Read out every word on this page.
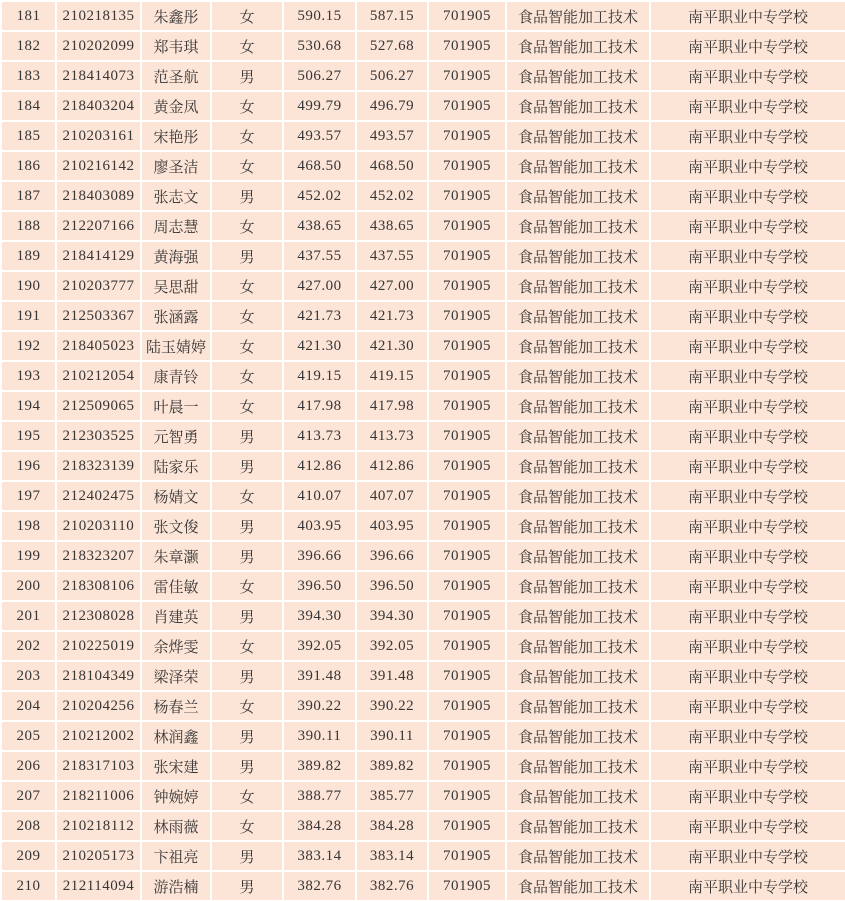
181	210218135	朱鑫彤	女	590.15	587.15	701905	食品智能加工技术	南平职业中专学校
182	210202099	郑韦琪	女	530.68	527.68	701905	食品智能加工技术	南平职业中专学校
183	218414073	范圣航	男	506.27	506.27	701905	食品智能加工技术	南平职业中专学校
184	218403204	黄金凤	女	499.79	496.79	701905	食品智能加工技术	南平职业中专学校
185	210203161	宋艳彤	女	493.57	493.57	701905	食品智能加工技术	南平职业中专学校
186	210216142	廖圣洁	女	468.50	468.50	701905	食品智能加工技术	南平职业中专学校
187	218403089	张志文	男	452.02	452.02	701905	食品智能加工技术	南平职业中专学校
188	212207166	周志慧	女	438.65	438.65	701905	食品智能加工技术	南平职业中专学校
189	218414129	黄海强	男	437.55	437.55	701905	食品智能加工技术	南平职业中专学校
190	210203777	吴思甜	女	427.00	427.00	701905	食品智能加工技术	南平职业中专学校
191	212503367	张涵露	女	421.73	421.73	701905	食品智能加工技术	南平职业中专学校
192	218405023	陆玉婧婷	女	421.30	421.30	701905	食品智能加工技术	南平职业中专学校
193	210212054	康青铃	女	419.15	419.15	701905	食品智能加工技术	南平职业中专学校
194	212509065	叶晨一	女	417.98	417.98	701905	食品智能加工技术	南平职业中专学校
195	212303525	元智勇	男	413.73	413.73	701905	食品智能加工技术	南平职业中专学校
196	218323139	陆家乐	男	412.86	412.86	701905	食品智能加工技术	南平职业中专学校
197	212402475	杨婧文	女	410.07	407.07	701905	食品智能加工技术	南平职业中专学校
198	210203110	张文俊	男	403.95	403.95	701905	食品智能加工技术	南平职业中专学校
199	218323207	朱章灏	男	396.66	396.66	701905	食品智能加工技术	南平职业中专学校
200	218308106	雷佳敏	女	396.50	396.50	701905	食品智能加工技术	南平职业中专学校
201	212308028	肖建英	男	394.30	394.30	701905	食品智能加工技术	南平职业中专学校
202	210225019	余烨雯	女	392.05	392.05	701905	食品智能加工技术	南平职业中专学校
203	218104349	梁泽荣	男	391.48	391.48	701905	食品智能加工技术	南平职业中专学校
204	210204256	杨春兰	女	390.22	390.22	701905	食品智能加工技术	南平职业中专学校
205	210212002	林润鑫	男	390.11	390.11	701905	食品智能加工技术	南平职业中专学校
206	218317103	张宋建	男	389.82	389.82	701905	食品智能加工技术	南平职业中专学校
207	218211006	钟婉婷	女	388.77	385.77	701905	食品智能加工技术	南平职业中专学校
208	210218112	林雨薇	女	384.28	384.28	701905	食品智能加工技术	南平职业中专学校
209	210205173	卞祖亮	男	383.14	383.14	701905	食品智能加工技术	南平职业中专学校
210	212114094	游浩楠	男	382.76	382.76	701905	食品智能加工技术	南平职业中专学校
